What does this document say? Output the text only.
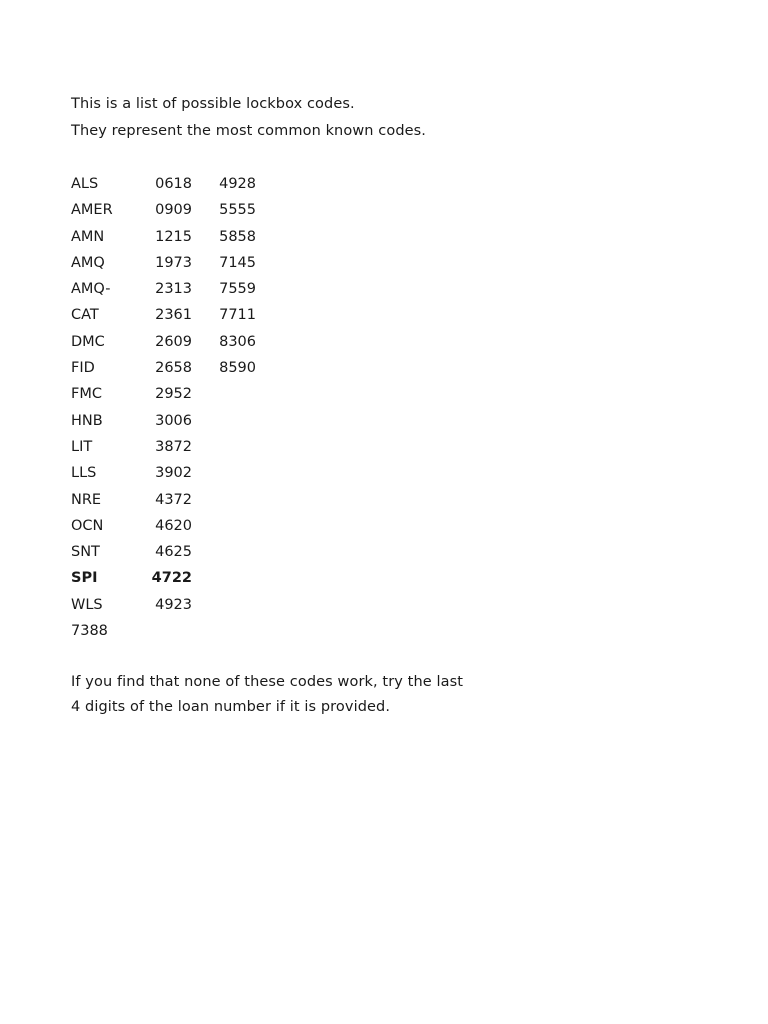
This is a list of possible lockbox codes.
They represent the most common known codes.
ALS	0618 4928
AMER	0909 5555
AMN	1215 5858
AMQ	1973 7145
AMQ-	2313 7559
CAT	2361 7711
DMC	2609 8306
FID	2658 8590
FMC	2952
HNB	3006
LIT	3872
LLS	3902
NRE	4372
OCN	4620
SNT	4625
SPI	4722
WLS	4923
7388
If you find that none of these codes work, try the last
4 digits of the loan number if it is provided.
